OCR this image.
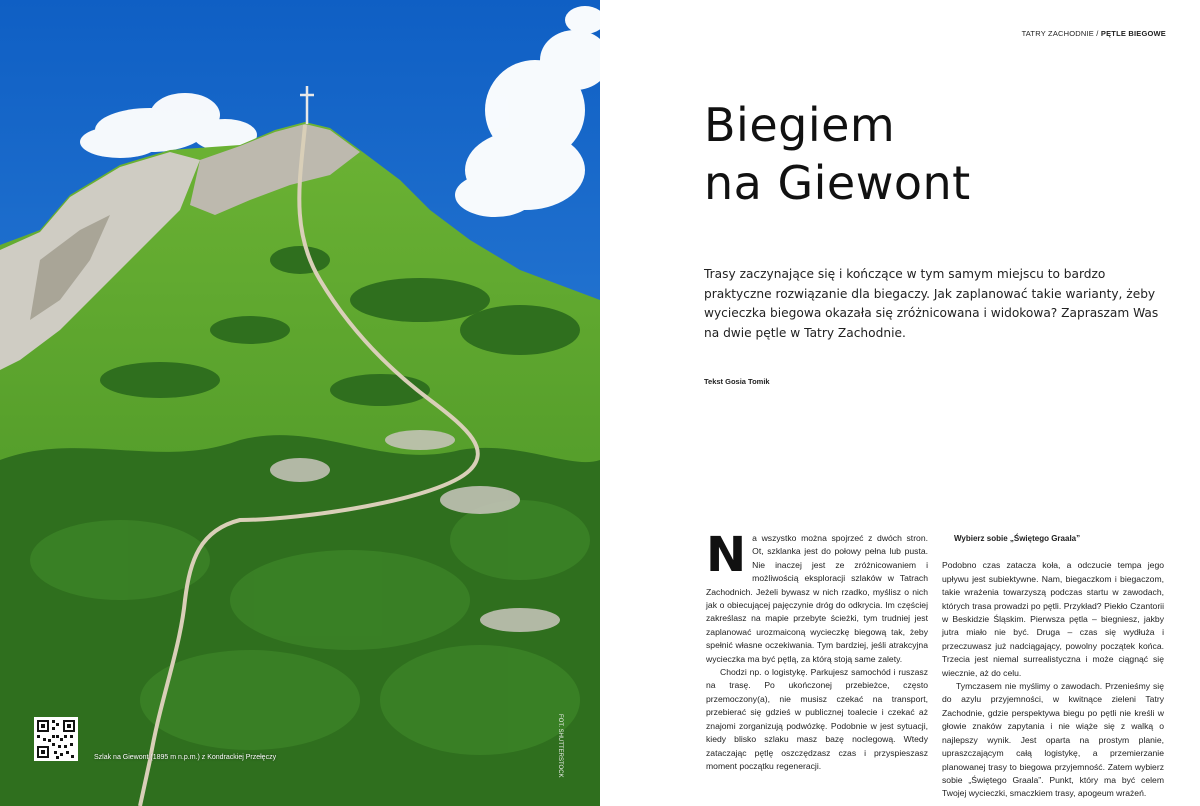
Szlak na Giewont (1895 m n.p.m.) z Kondrackiej Przełęczy	FOT. SHUTTERSTOCK
TATRY ZACHODNIE / PĘTLE BIEGOWE
Biegiem
na Giewont

Trasy zaczynające się i kończące w tym samym miejscu to bardzo praktyczne rozwiązanie dla biegaczy. Jak zaplanować takie warianty, żeby wycieczka biegowa okazała się zróżnicowana i widokowa? Zapraszam Was na dwie pętle w Tatry Zachodnie.

Tekst Gosia Tomik

Na wszystko można spojrzeć z dwóch stron. Ot, szklanka jest do połowy pełna lub pusta. Nie inaczej jest ze zróżnicowaniem i możliwością eksploracji szlaków w Tatrach Zachodnich. Jeżeli bywasz w nich rzadko, myślisz o nich jak o obiecującej pajęczynie dróg do odkrycia. Im częściej zakreślasz na mapie przebyte ścieżki, tym trudniej jest zaplanować urozmaiconą wycieczkę biegową tak, żeby spełnić własne oczekiwania. Tym bardziej, jeśli atrakcyjna wycieczka ma być pętlą, za którą stoją same zalety.

Chodzi np. o logistykę. Parkujesz samochód i ruszasz na trasę. Po ukończonej przebieżce, często przemoczony(a), nie musisz czekać na transport, przebierać się gdzieś w publicznej toalecie i czekać aż znajomi zorganizują podwózkę. Podobnie w jest sytuacji, kiedy blisko szlaku masz bazę noclegową. Wtedy zataczając pętlę oszczędzasz czas i przyspieszasz moment początku regeneracji.

Wybierz sobie „Świętego Graala”

Podobno czas zatacza koła, a odczucie tempa jego upływu jest subiektywne. Nam, biegaczkom i biegaczom, takie wrażenia towarzyszą podczas startu w zawodach, których trasa prowadzi po pętli. Przykład? Piekło Czantorii w Beskidzie Śląskim. Pierwsza pętla – biegniesz, jakby jutra miało nie być. Druga – czas się wydłuża i przeczuwasz już nadciągający, powolny początek końca. Trzecia jest niemal surrealistyczna i może ciągnąć się wiecznie, aż do celu.

Tymczasem nie myślimy o zawodach. Przenieśmy się do azylu przyjemności, w kwitnące zieleni Tatry Zachodnie, gdzie perspektywa biegu po pętli nie kreśli w głowie znaków zapytania i nie wiąże się z walką o najlepszy wynik. Jest oparta na prostym planie, upraszczającym całą logistykę, a przemierzanie planowanej trasy to biegowa przyjemność. Zatem wybierz sobie „Świętego Graala”. Punkt, który ma być celem Twojej wycieczki, smaczkiem trasy, apogeum wrażeń.
